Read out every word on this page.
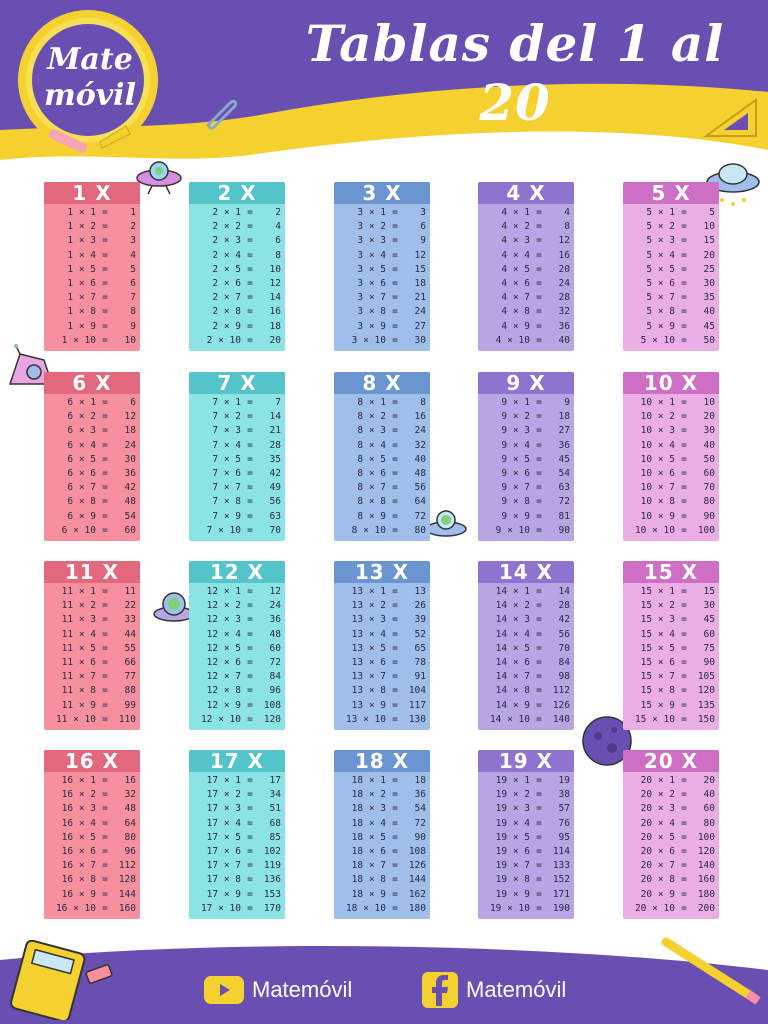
Tablas del 1 al 20
Mate
móvil
1 X
1 × 1 =	1
1 × 2 =	2
1 × 3 =	3
1 × 4 =	4
1 × 5 =	5
1 × 6 =	6
1 × 7 =	7
1 × 8 =	8
1 × 9 =	9
1 × 10 =	10
2 X
2 × 1 =	2
2 × 2 =	4
2 × 3 =	6
2 × 4 =	8
2 × 5 =	10
2 × 6 =	12
2 × 7 =	14
2 × 8 =	16
2 × 9 =	18
2 × 10 =	20
3 X
3 × 1 =	3
3 × 2 =	6
3 × 3 =	9
3 × 4 =	12
3 × 5 =	15
3 × 6 =	18
3 × 7 =	21
3 × 8 =	24
3 × 9 =	27
3 × 10 =	30
4 X
4 × 1 =	4
4 × 2 =	8
4 × 3 =	12
4 × 4 =	16
4 × 5 =	20
4 × 6 =	24
4 × 7 =	28
4 × 8 =	32
4 × 9 =	36
4 × 10 =	40
5 X
5 × 1 =	5
5 × 2 =	10
5 × 3 =	15
5 × 4 =	20
5 × 5 =	25
5 × 6 =	30
5 × 7 =	35
5 × 8 =	40
5 × 9 =	45
5 × 10 =	50
6 X
6 × 1 =	6
6 × 2 =	12
6 × 3 =	18
6 × 4 =	24
6 × 5 =	30
6 × 6 =	36
6 × 7 =	42
6 × 8 =	48
6 × 9 =	54
6 × 10 =	60
7 X
7 × 1 =	7
7 × 2 =	14
7 × 3 =	21
7 × 4 =	28
7 × 5 =	35
7 × 6 =	42
7 × 7 =	49
7 × 8 =	56
7 × 9 =	63
7 × 10 =	70
8 X
8 × 1 =	8
8 × 2 =	16
8 × 3 =	24
8 × 4 =	32
8 × 5 =	40
8 × 6 =	48
8 × 7 =	56
8 × 8 =	64
8 × 9 =	72
8 × 10 =	80
9 X
9 × 1 =	9
9 × 2 =	18
9 × 3 =	27
9 × 4 =	36
9 × 5 =	45
9 × 6 =	54
9 × 7 =	63
9 × 8 =	72
9 × 9 =	81
9 × 10 =	90
10 X
10 × 1 =	10
10 × 2 =	20
10 × 3 =	30
10 × 4 =	40
10 × 5 =	50
10 × 6 =	60
10 × 7 =	70
10 × 8 =	80
10 × 9 =	90
10 × 10 =	100
11 X
11 × 1 =	11
11 × 2 =	22
11 × 3 =	33
11 × 4 =	44
11 × 5 =	55
11 × 6 =	66
11 × 7 =	77
11 × 8 =	88
11 × 9 =	99
11 × 10 =	110
12 X
12 × 1 =	12
12 × 2 =	24
12 × 3 =	36
12 × 4 =	48
12 × 5 =	60
12 × 6 =	72
12 × 7 =	84
12 × 8 =	96
12 × 9 =	108
12 × 10 =	120
13 X
13 × 1 =	13
13 × 2 =	26
13 × 3 =	39
13 × 4 =	52
13 × 5 =	65
13 × 6 =	78
13 × 7 =	91
13 × 8 =	104
13 × 9 =	117
13 × 10 =	130
14 X
14 × 1 =	14
14 × 2 =	28
14 × 3 =	42
14 × 4 =	56
14 × 5 =	70
14 × 6 =	84
14 × 7 =	98
14 × 8 =	112
14 × 9 =	126
14 × 10 =	140
15 X
15 × 1 =	15
15 × 2 =	30
15 × 3 =	45
15 × 4 =	60
15 × 5 =	75
15 × 6 =	90
15 × 7 =	105
15 × 8 =	120
15 × 9 =	135
15 × 10 =	150
16 X
16 × 1 =	16
16 × 2 =	32
16 × 3 =	48
16 × 4 =	64
16 × 5 =	80
16 × 6 =	96
16 × 7 =	112
16 × 8 =	128
16 × 9 =	144
16 × 10 =	160
17 X
17 × 1 =	17
17 × 2 =	34
17 × 3 =	51
17 × 4 =	68
17 × 5 =	85
17 × 6 =	102
17 × 7 =	119
17 × 8 =	136
17 × 9 =	153
17 × 10 =	170
18 X
18 × 1 =	18
18 × 2 =	36
18 × 3 =	54
18 × 4 =	72
18 × 5 =	90
18 × 6 =	108
18 × 7 =	126
18 × 8 =	144
18 × 9 =	162
18 × 10 =	180
19 X
19 × 1 =	19
19 × 2 =	38
19 × 3 =	57
19 × 4 =	76
19 × 5 =	95
19 × 6 =	114
19 × 7 =	133
19 × 8 =	152
19 × 9 =	171
19 × 10 =	190
20 X
20 × 1 =	20
20 × 2 =	40
20 × 3 =	60
20 × 4 =	80
20 × 5 =	100
20 × 6 =	120
20 × 7 =	140
20 × 8 =	160
20 × 9 =	180
20 × 10 =	200
Matemóvil	Matemóvil
